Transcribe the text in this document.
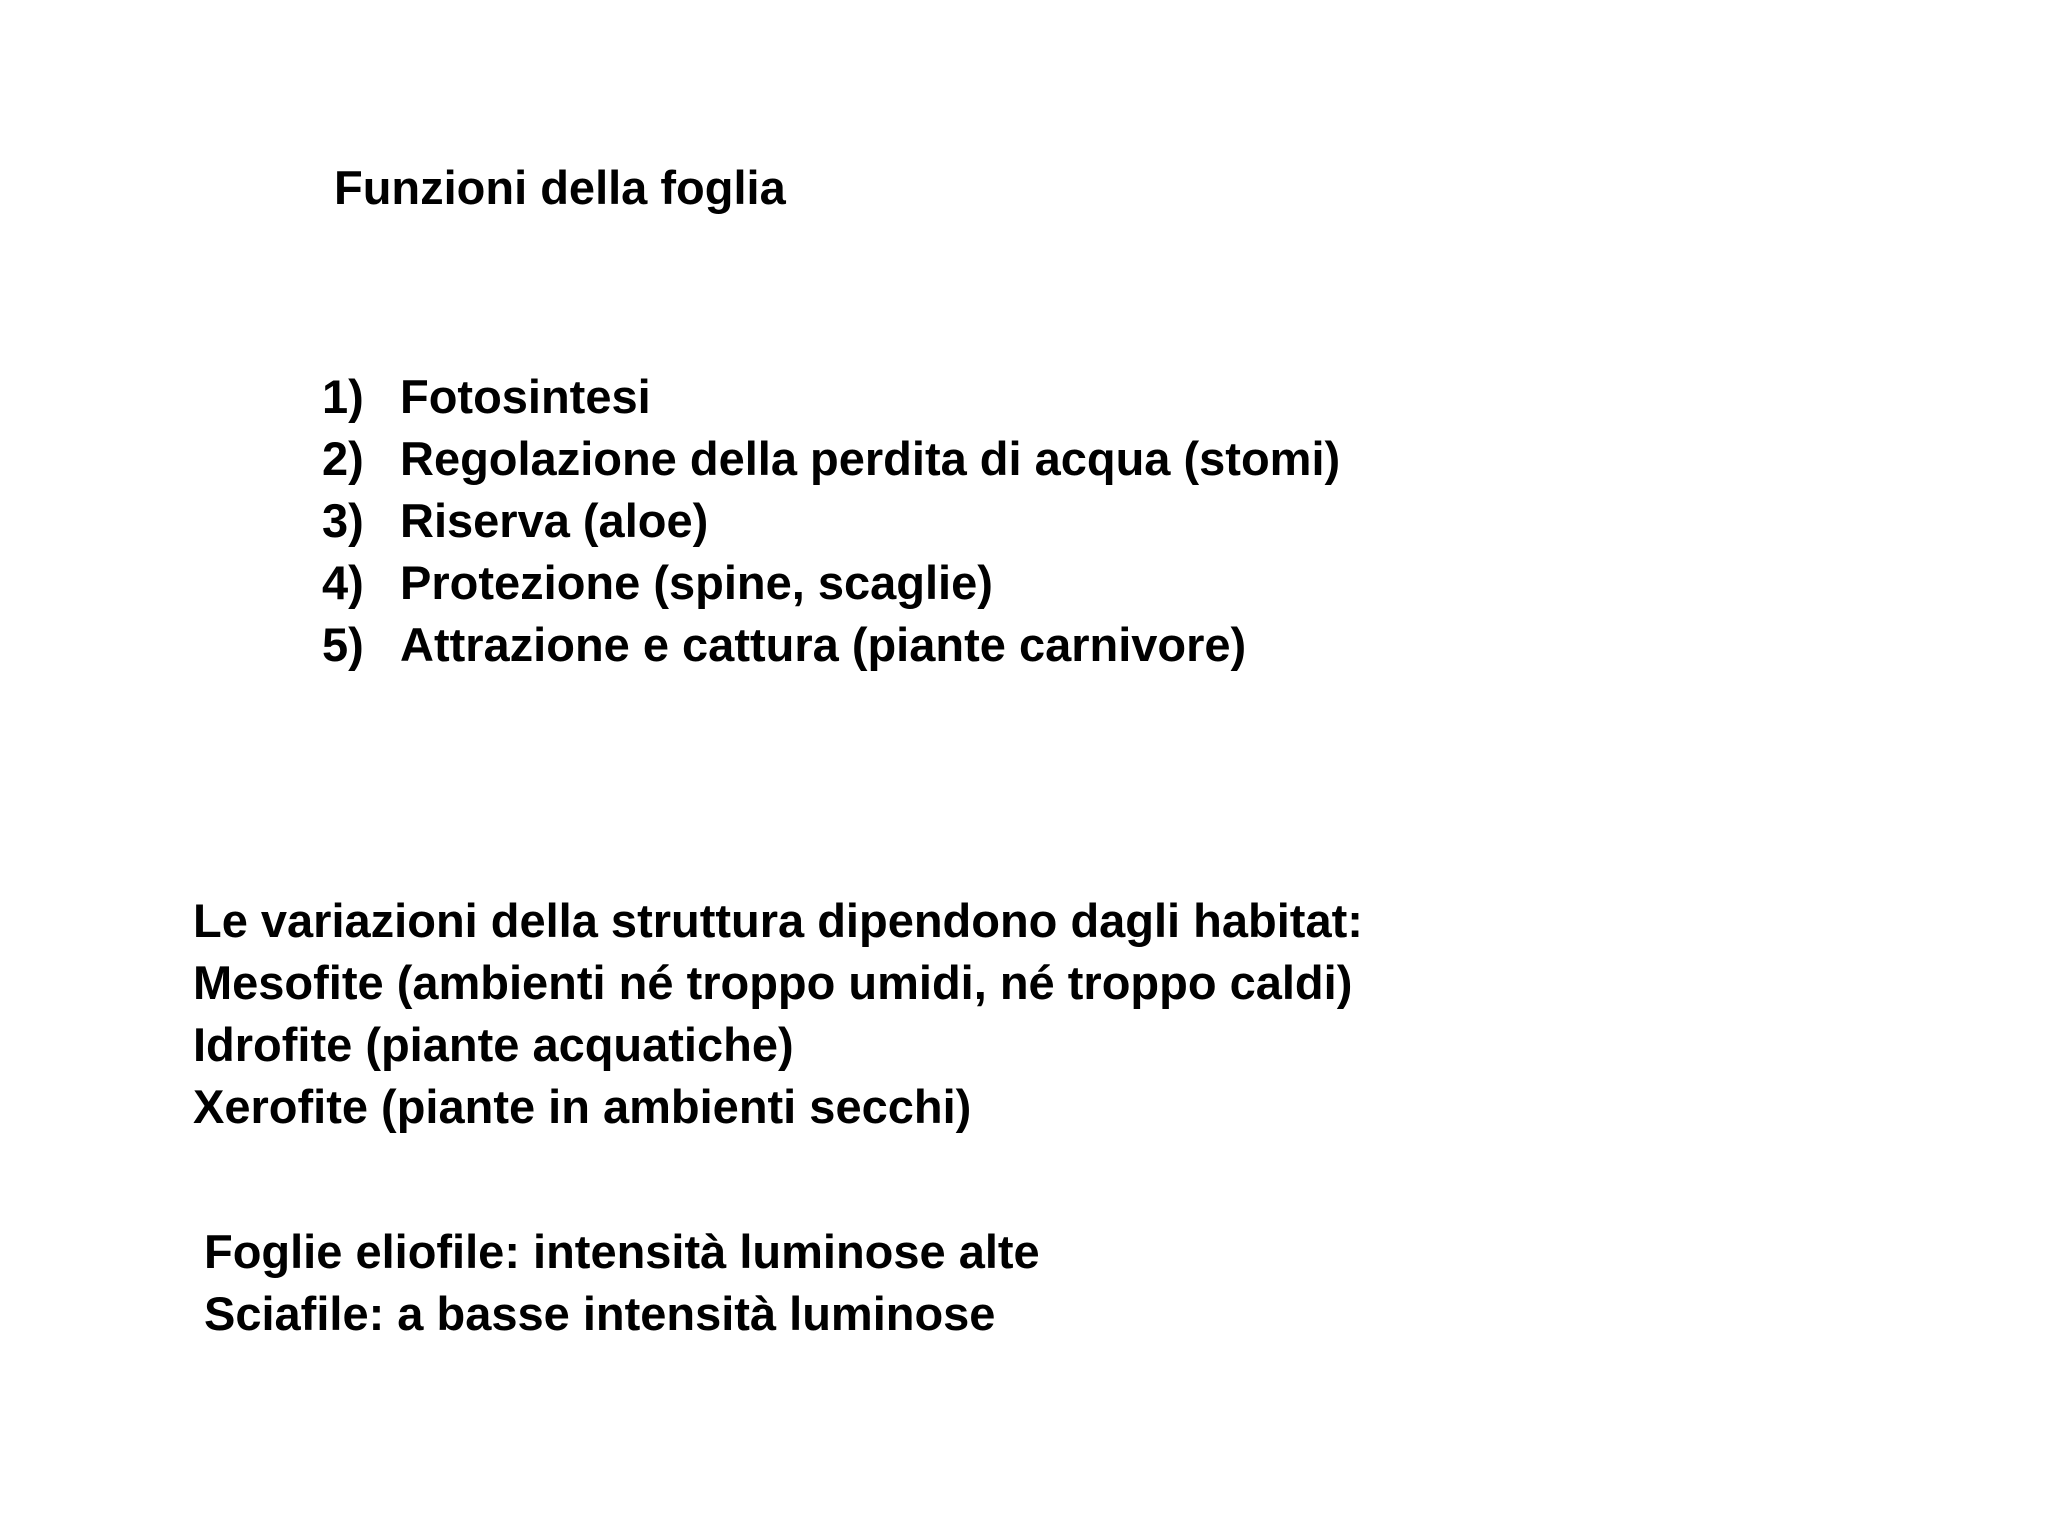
Funzioni della foglia
1) Fotosintesi
2) Regolazione della perdita di acqua (stomi)
3) Riserva (aloe)
4) Protezione (spine, scaglie)
5) Attrazione e cattura (piante carnivore)
Le variazioni della struttura dipendono dagli habitat:
Mesofite (ambienti né troppo umidi, né troppo caldi)
Idrofite (piante acquatiche)
Xerofite (piante in ambienti secchi)
Foglie eliofile: intensità luminose alte
Sciafile: a basse intensità luminose
